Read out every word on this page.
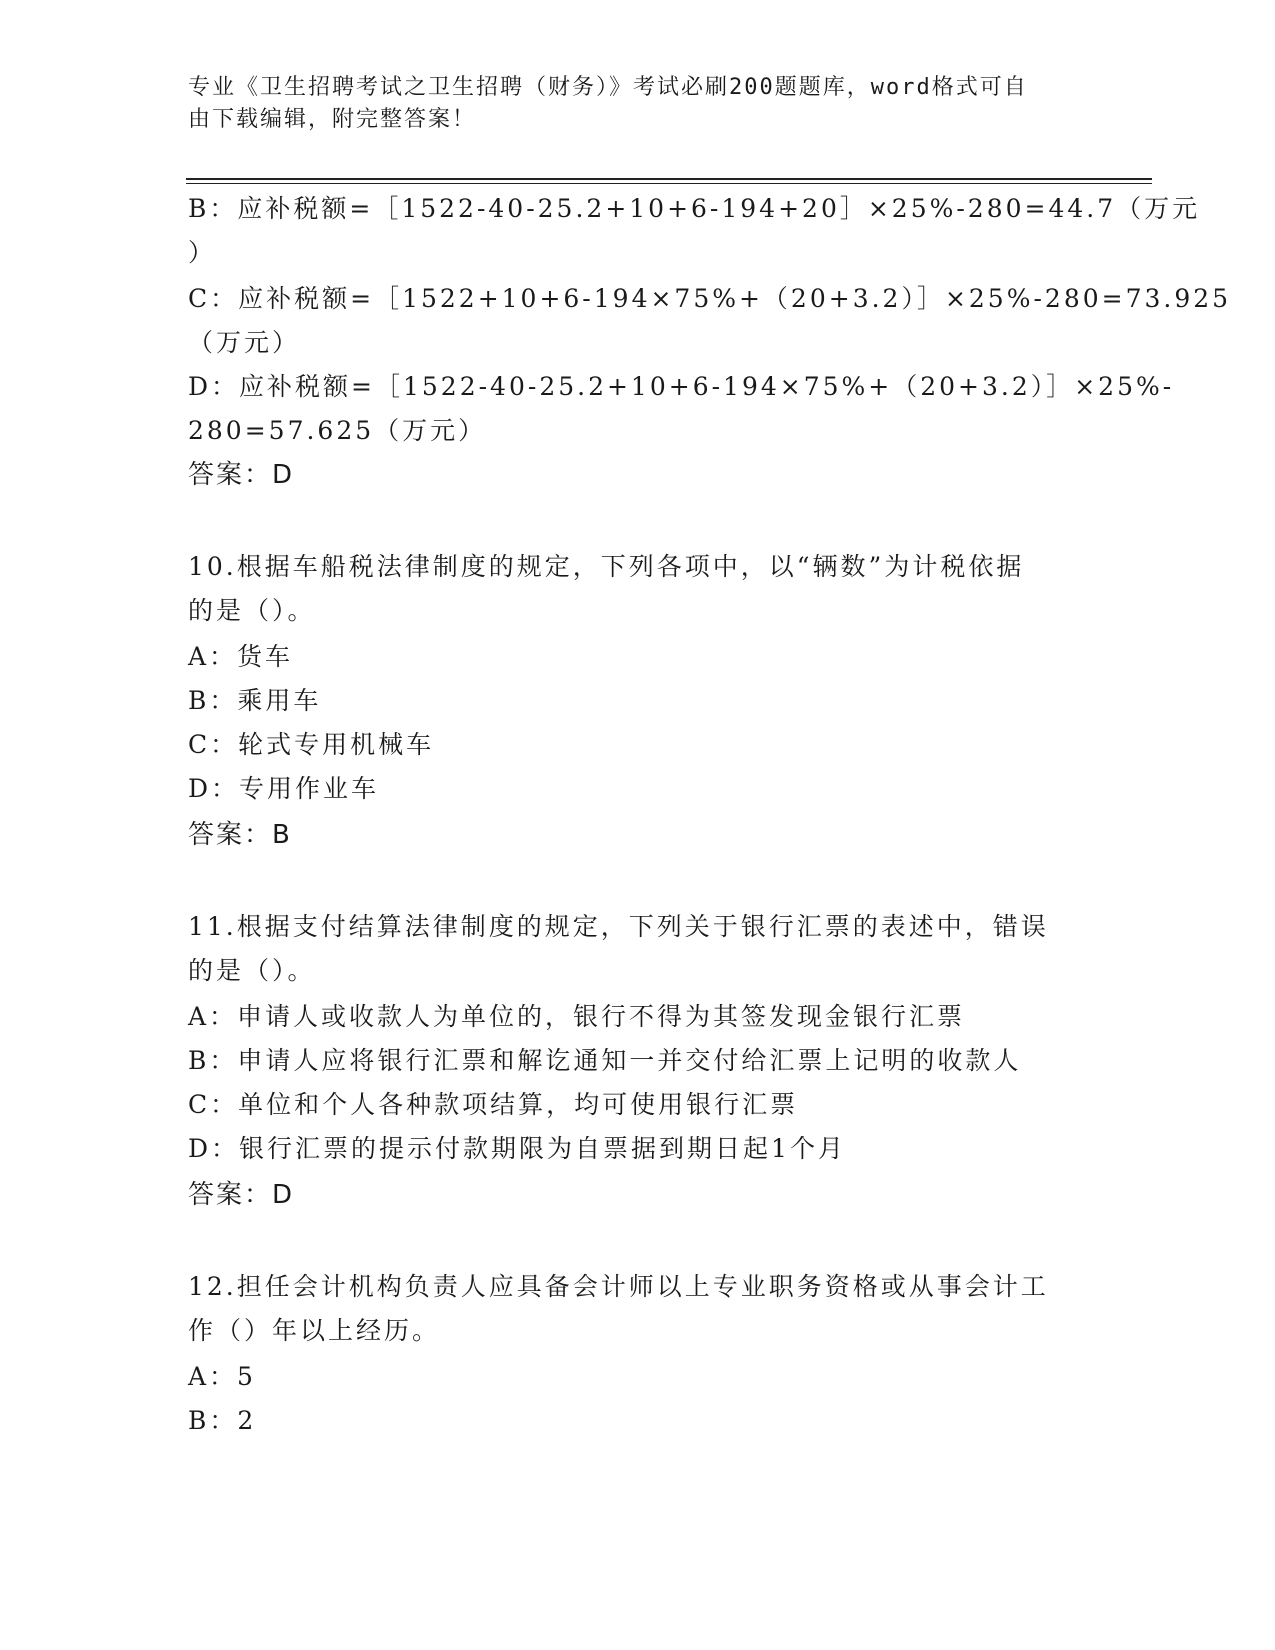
专业《卫生招聘考试之卫生招聘（财务）》考试必刷200题题库，word格式可自
由下载编辑，附完整答案！
B：应补税额=［1522-40-25.2+10+6-194+20］×25%-280=44.7（万元
）
C：应补税额=［1522+10+6-194×75%+（20+3.2）］×25%-280=73.925
（万元）
D：应补税额=［1522-40-25.2+10+6-194×75%+（20+3.2）］×25%-
280=57.625（万元）
答案：D
10.根据车船税法律制度的规定，下列各项中，以“辆数”为计税依据
的是（）。
A：货车
B：乘用车
C：轮式专用机械车
D：专用作业车
答案：B
11.根据支付结算法律制度的规定，下列关于银行汇票的表述中，错误
的是（）。
A：申请人或收款人为单位的，银行不得为其签发现金银行汇票
B：申请人应将银行汇票和解讫通知一并交付给汇票上记明的收款人
C：单位和个人各种款项结算，均可使用银行汇票
D：银行汇票的提示付款期限为自票据到期日起1个月
答案：D
12.担任会计机构负责人应具备会计师以上专业职务资格或从事会计工
作（）年以上经历。
A：5
B：2
